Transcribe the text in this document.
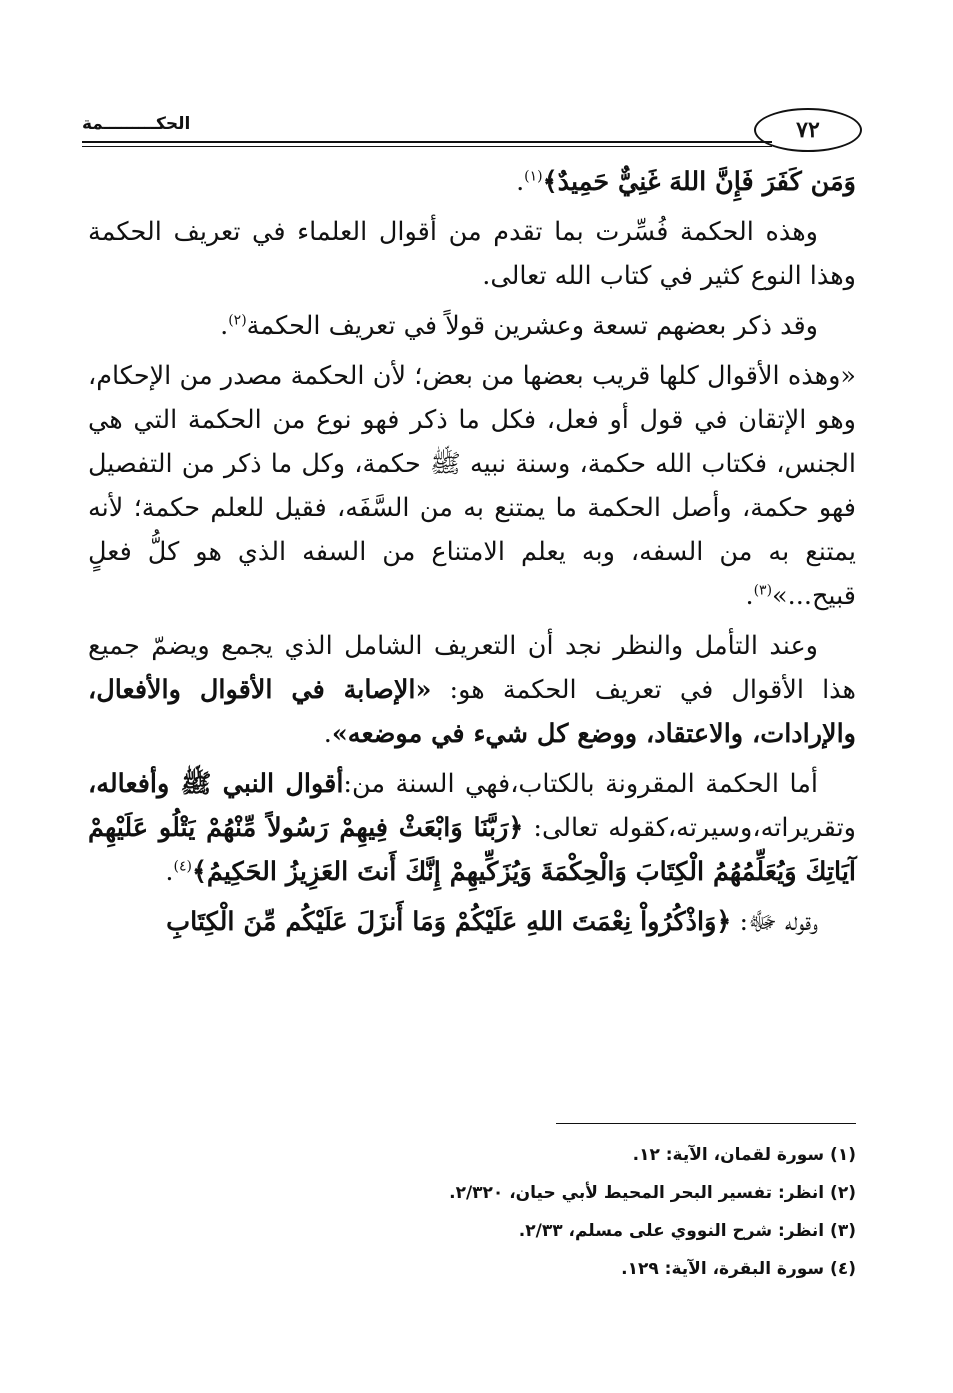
الحكـــــــــمة	٧٢

وَمَن كَفَرَ فَإِنَّ اللهَ غَنِيٌّ حَمِيدٌ﴾$^{(١)}$.

وهذه الحكمة فُسِّرت بما تقدم من أقوال العلماء في تعريف الحكمة وهذا النوع كثير في كتاب الله تعالى.

وقد ذكر بعضهم تسعة وعشرين قولاً في تعريف الحكمة$^{(٢)}$.

«وهذه الأقوال كلها قريب بعضها من بعض؛ لأن الحكمة مصدر من الإحكام، وهو الإتقان في قول أو فعل، فكل ما ذكر فهو نوع من الحكمة التي هي الجنس، فكتاب الله حكمة، وسنة نبيه ﷺ حكمة، وكل ما ذكر من التفصيل فهو حكمة، وأصل الحكمة ما يمتنع به من السَّفَه، فقيل للعلم حكمة؛ لأنه يمتنع به من السفه، وبه يعلم الامتناع من السفه الذي هو كلُّ فعلٍ قبيح...»$^{(٣)}$.

وعند التأمل والنظر نجد أن التعريف الشامل الذي يجمع ويضمّ جميع هذا الأقوال في تعريف الحكمة هو: «الإصابة في الأقوال والأفعال، والإرادات، والاعتقاد، ووضع كل شيء في موضعه».

أما الحكمة المقرونة بالكتاب،فهي السنة من:أقوال النبي ﷺ وأفعاله، وتقريراته،وسيرته،كقوله تعالى: ﴿رَبَّنَا وَابْعَثْ فِيهِمْ رَسُولاً مِّنْهُمْ يَتْلُو عَلَيْهِمْ آيَاتِكَ وَيُعَلِّمُهُمُ الْكِتَابَ وَالْحِكْمَةَ وَيُزَكِّيهِمْ إِنَّكَ أَنتَ العَزِيزُ الحَكِيمُ﴾$^{(٤)}$.

وقوله ﷻ: ﴿وَاذْكُرُواْ نِعْمَتَ اللهِ عَلَيْكُمْ وَمَا أَنزَلَ عَلَيْكُم مِّنَ الْكِتَابِ

(١) سورة لقمان، الآية: ١٢.
(٢) انظر: تفسير البحر المحيط لأبي حيان، ٢/٣٢٠.
(٣) انظر: شرح النووي على مسلم، ٢/٣٣.
(٤) سورة البقرة، الآية: ١٢٩.
